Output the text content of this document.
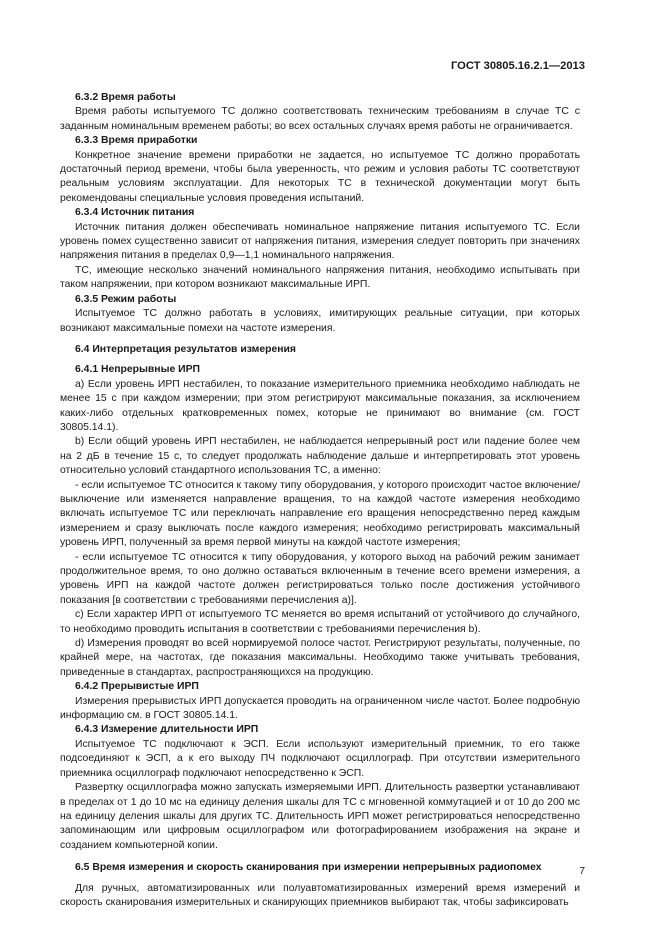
ГОСТ 30805.16.2.1—2013

6.3.2 Время работы

Время работы испытуемого ТС должно соответствовать техническим требованиям в случае ТС с заданным номинальным временем работы; во всех остальных случаях время работы не ограничивается.

6.3.3 Время приработки

Конкретное значение времени приработки не задается, но испытуемое ТС должно проработать достаточный период времени, чтобы была уверенность, что режим и условия работы ТС соответствуют реальным условиям эксплуатации. Для некоторых ТС в технической документации могут быть рекомендованы специальные условия проведения испытаний.

6.3.4 Источник питания

Источник питания должен обеспечивать номинальное напряжение питания испытуемого ТС. Если уровень помех существенно зависит от напряжения питания, измерения следует повторить при значениях напряжения питания в пределах 0,9—1,1 номинального напряжения.

ТС, имеющие несколько значений номинального напряжения питания, необходимо испытывать при таком напряжении, при котором возникают максимальные ИРП.

6.3.5 Режим работы

Испытуемое ТС должно работать в условиях, имитирующих реальные ситуации, при которых возникают максимальные помехи на частоте измерения.

6.4 Интерпретация результатов измерения

6.4.1 Непрерывные ИРП

а) Если уровень ИРП нестабилен, то показание измерительного приемника необходимо наблюдать не менее 15 с при каждом измерении; при этом регистрируют максимальные показания, за исключением каких-либо отдельных кратковременных помех, которые не принимают во внимание (см. ГОСТ 30805.14.1).

b) Если общий уровень ИРП нестабилен, не наблюдается непрерывный рост или падение более чем на 2 дБ в течение 15 с, то следует продолжать наблюдение дальше и интерпретировать этот уровень относительно условий стандартного использования ТС, а именно:

- если испытуемое ТС относится к такому типу оборудования, у которого происходит частое включение/выключение или изменяется направление вращения, то на каждой частоте измерения необходимо включать испытуемое ТС или переключать направление его вращения непосредственно перед каждым измерением и сразу выключать после каждого измерения; необходимо регистрировать максимальный уровень ИРП, полученный за время первой минуты на каждой частоте измерения;

- если испытуемое ТС относится к типу оборудования, у которого выход на рабочий режим занимает продолжительное время, то оно должно оставаться включенным в течение всего времени измерения, а уровень ИРП на каждой частоте должен регистрироваться только после достижения устойчивого показания [в соответствии с требованиями перечисления а)].

с) Если характер ИРП от испытуемого ТС меняется во время испытаний от устойчивого до случайного, то необходимо проводить испытания в соответствии с требованиями перечисления b).

d) Измерения проводят во всей нормируемой полосе частот. Регистрируют результаты, полученные, по крайней мере, на частотах, где показания максимальны. Необходимо также учитывать требования, приведенные в стандартах, распространяющихся на продукцию.

6.4.2 Прерывистые ИРП

Измерения прерывистых ИРП допускается проводить на ограниченном числе частот. Более подробную информацию см. в ГОСТ 30805.14.1.

6.4.3 Измерение длительности ИРП

Испытуемое ТС подключают к ЭСП. Если используют измерительный приемник, то его также подсоединяют к ЭСП, а к его выходу ПЧ подключают осциллограф. При отсутствии измерительного приемника осциллограф подключают непосредственно к ЭСП.

Развертку осциллографа можно запускать измеряемыми ИРП. Длительность развертки устанавливают в пределах от 1 до 10 мс на единицу деления шкалы для ТС с мгновенной коммутацией и от 10 до 200 мс на единицу деления шкалы для других ТС. Длительность ИРП может регистрироваться непосредственно запоминающим или цифровым осциллографом или фотографированием изображения на экране и созданием компьютерной копии.

6.5 Время измерения и скорость сканирования при измерении непрерывных радиопомех

Для ручных, автоматизированных или полуавтоматизированных измерений время измерений и скорость сканирования измерительных и сканирующих приемников выбирают так, чтобы зафиксировать

7
